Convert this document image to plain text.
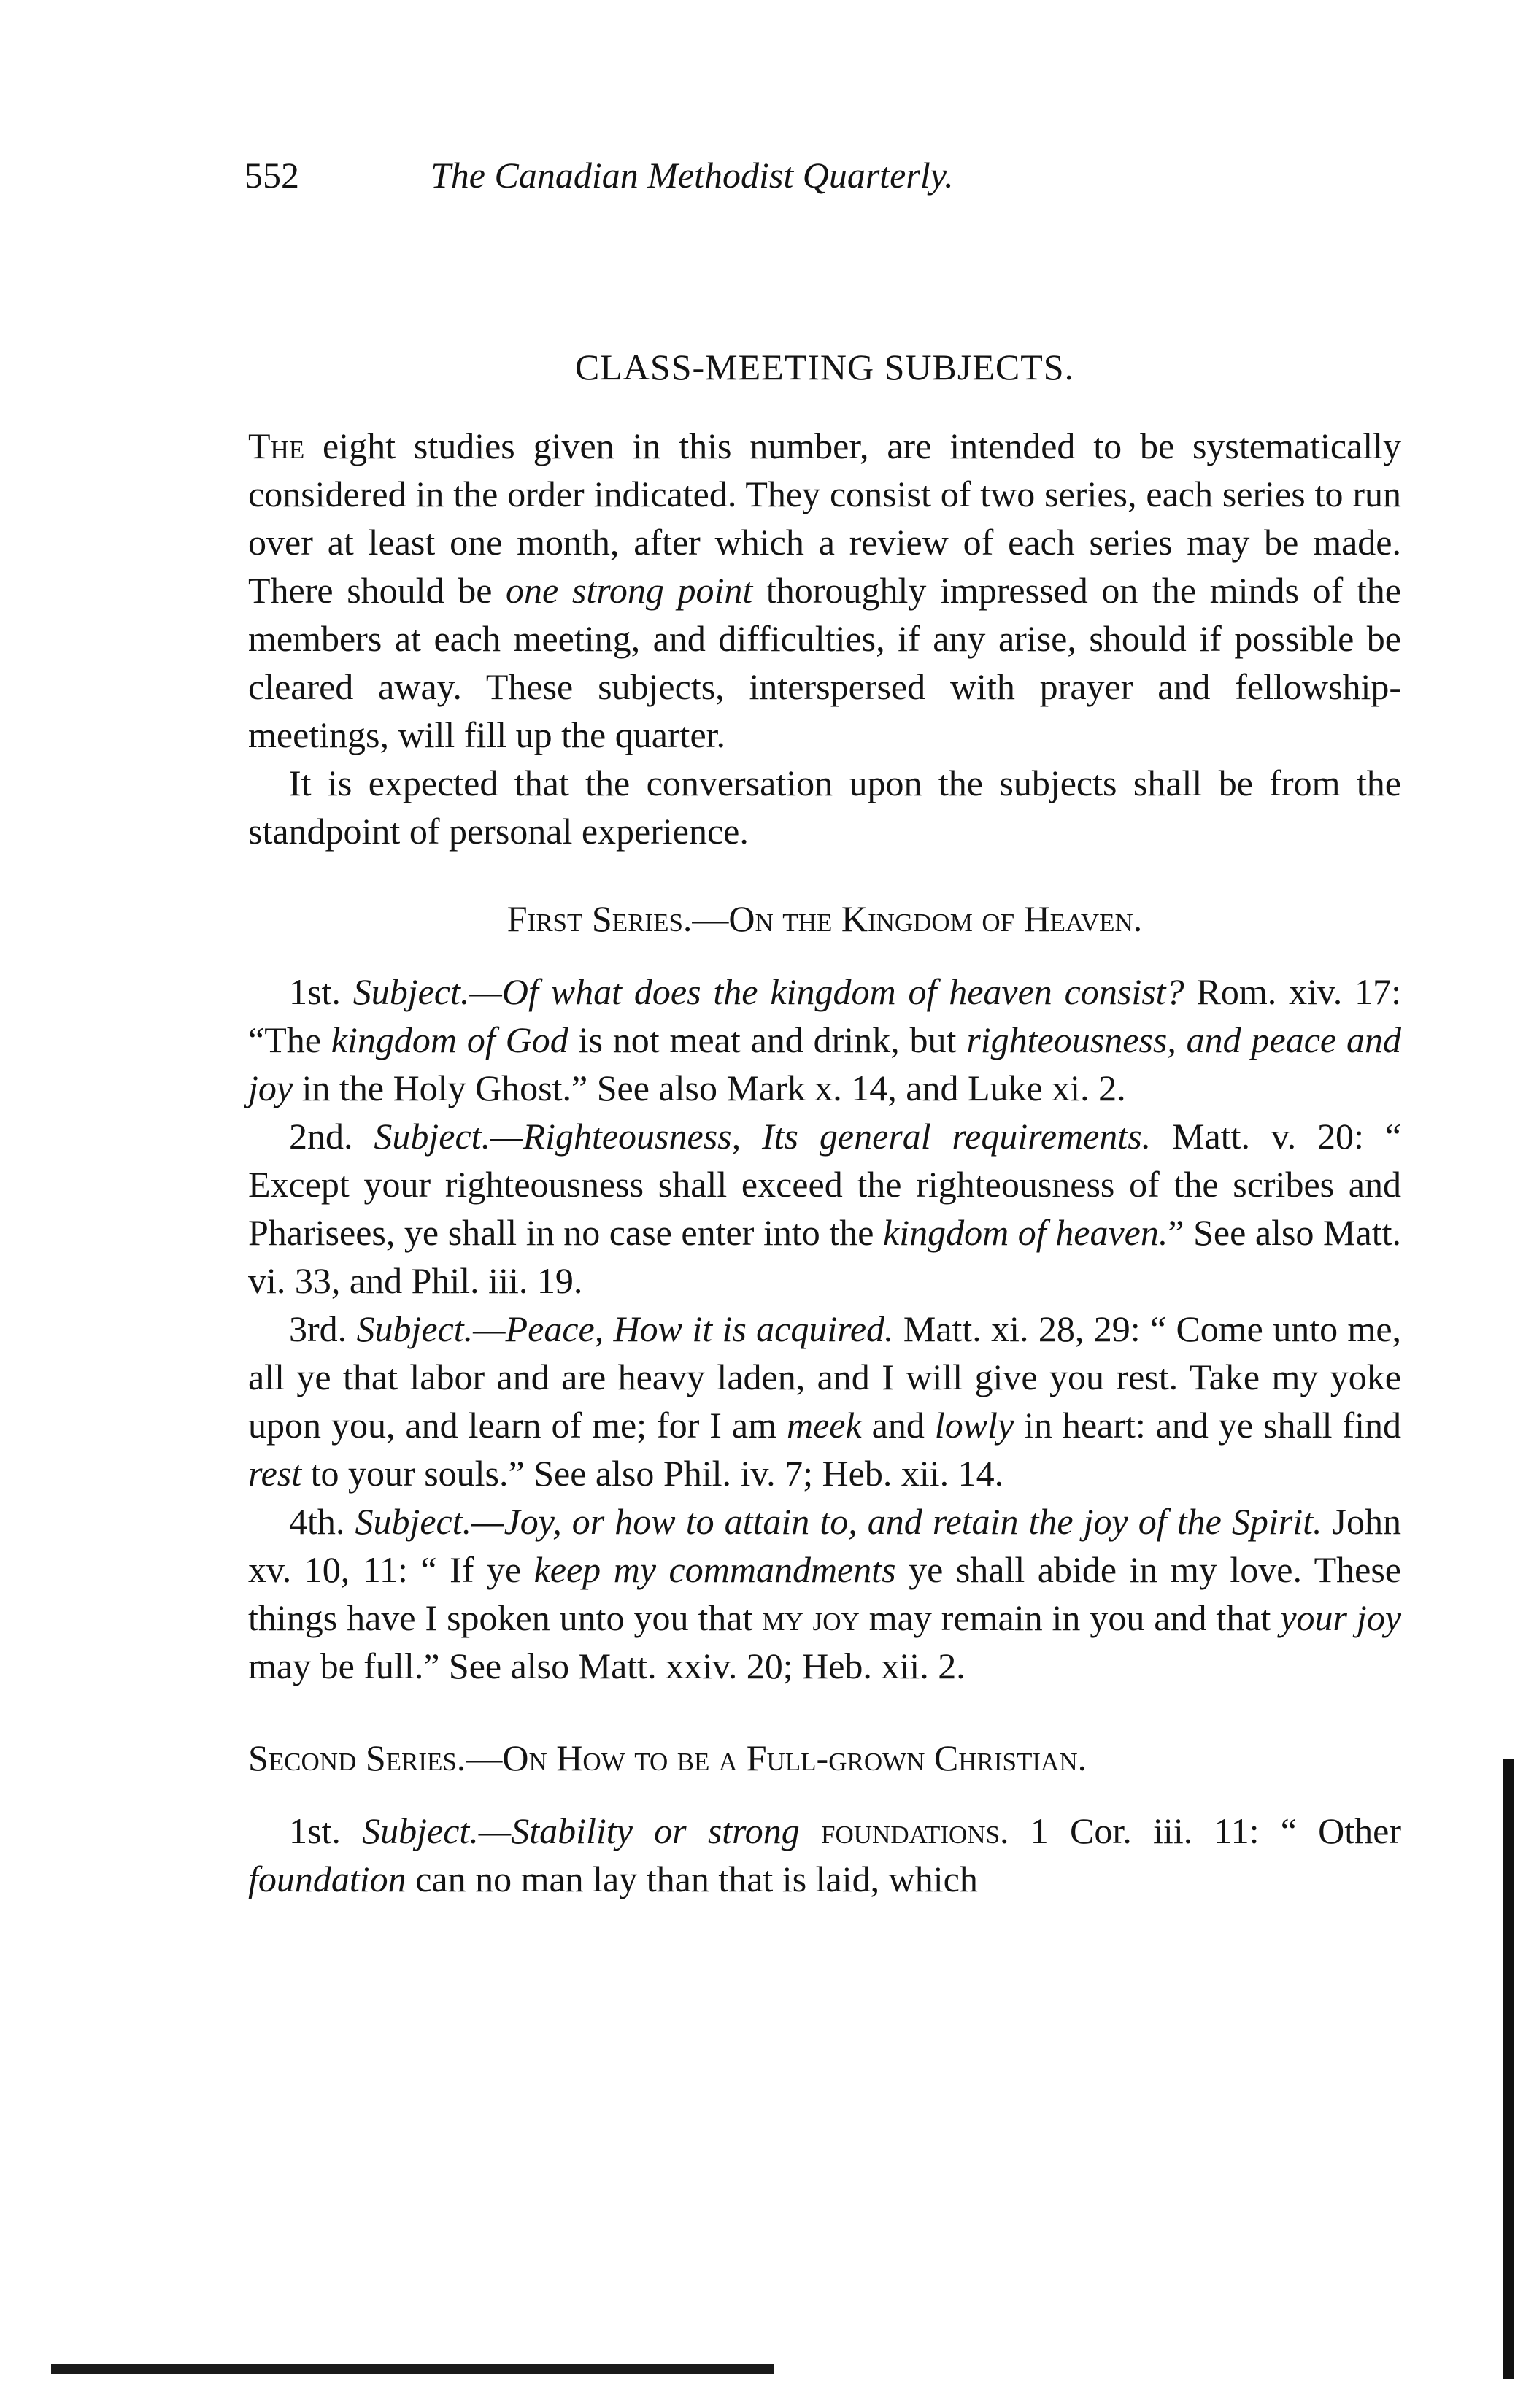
552	The Canadian Methodist Quarterly.
CLASS-MEETING SUBJECTS.

The eight studies given in this number, are intended to be systematically considered in the order indicated. They consist of two series, each series to run over at least one month, after which a review of each series may be made. There should be one strong point thoroughly impressed on the minds of the members at each meeting, and difficulties, if any arise, should if possible be cleared away. These subjects, interspersed with prayer and fellowship-meetings, will fill up the quarter.

It is expected that the conversation upon the subjects shall be from the standpoint of personal experience.

First Series.—On the Kingdom of Heaven.

1st. Subject.—Of what does the kingdom of heaven consist? Rom. xiv. 17: “The kingdom of God is not meat and drink, but righteousness, and peace and joy in the Holy Ghost.” See also Mark x. 14, and Luke xi. 2.

2nd. Subject.—Righteousness, Its general requirements. Matt. v. 20: “ Except your righteousness shall exceed the righteousness of the scribes and Pharisees, ye shall in no case enter into the kingdom of heaven.” See also Matt. vi. 33, and Phil. iii. 19.

3rd. Subject.—Peace, How it is acquired. Matt. xi. 28, 29: “ Come unto me, all ye that labor and are heavy laden, and I will give you rest. Take my yoke upon you, and learn of me; for I am meek and lowly in heart: and ye shall find rest to your souls.” See also Phil. iv. 7; Heb. xii. 14.

4th. Subject.—Joy, or how to attain to, and retain the joy of the Spirit. John xv. 10, 11: “ If ye keep my commandments ye shall abide in my love. These things have I spoken unto you that my joy may remain in you and that your joy may be full.” See also Matt. xxiv. 20; Heb. xii. 2.

Second Series.—On How to be a Full-grown Christian.

1st. Subject.—Stability or strong foundations. 1 Cor. iii. 11: “ Other foundation can no man lay than that is laid, which
